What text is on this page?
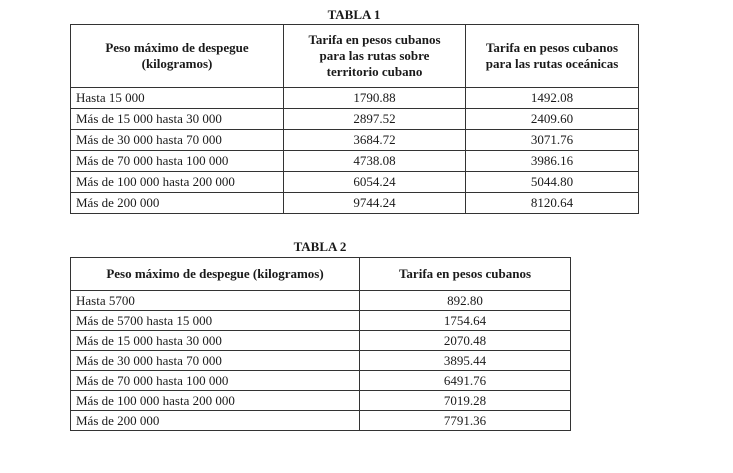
TABLA 1
Peso máximo de despegue (kilogramos)	Tarifa en pesos cubanos para las rutas sobre territorio cubano	Tarifa en pesos cubanos para las rutas oceánicas
Hasta 15 000	1790.88	1492.08
Más de 15 000 hasta 30 000	2897.52	2409.60
Más de 30 000 hasta 70 000	3684.72	3071.76
Más de 70 000 hasta 100 000	4738.08	3986.16
Más de 100 000 hasta 200 000	6054.24	5044.80
Más de 200 000	9744.24	8120.64
TABLA 2
Peso máximo de despegue (kilogramos)	Tarifa en pesos cubanos
Hasta 5700	892.80
Más de 5700 hasta 15 000	1754.64
Más de 15 000 hasta 30 000	2070.48
Más de 30 000 hasta 70 000	3895.44
Más de 70 000 hasta 100 000	6491.76
Más de 100 000 hasta 200 000	7019.28
Más de 200 000	7791.36
